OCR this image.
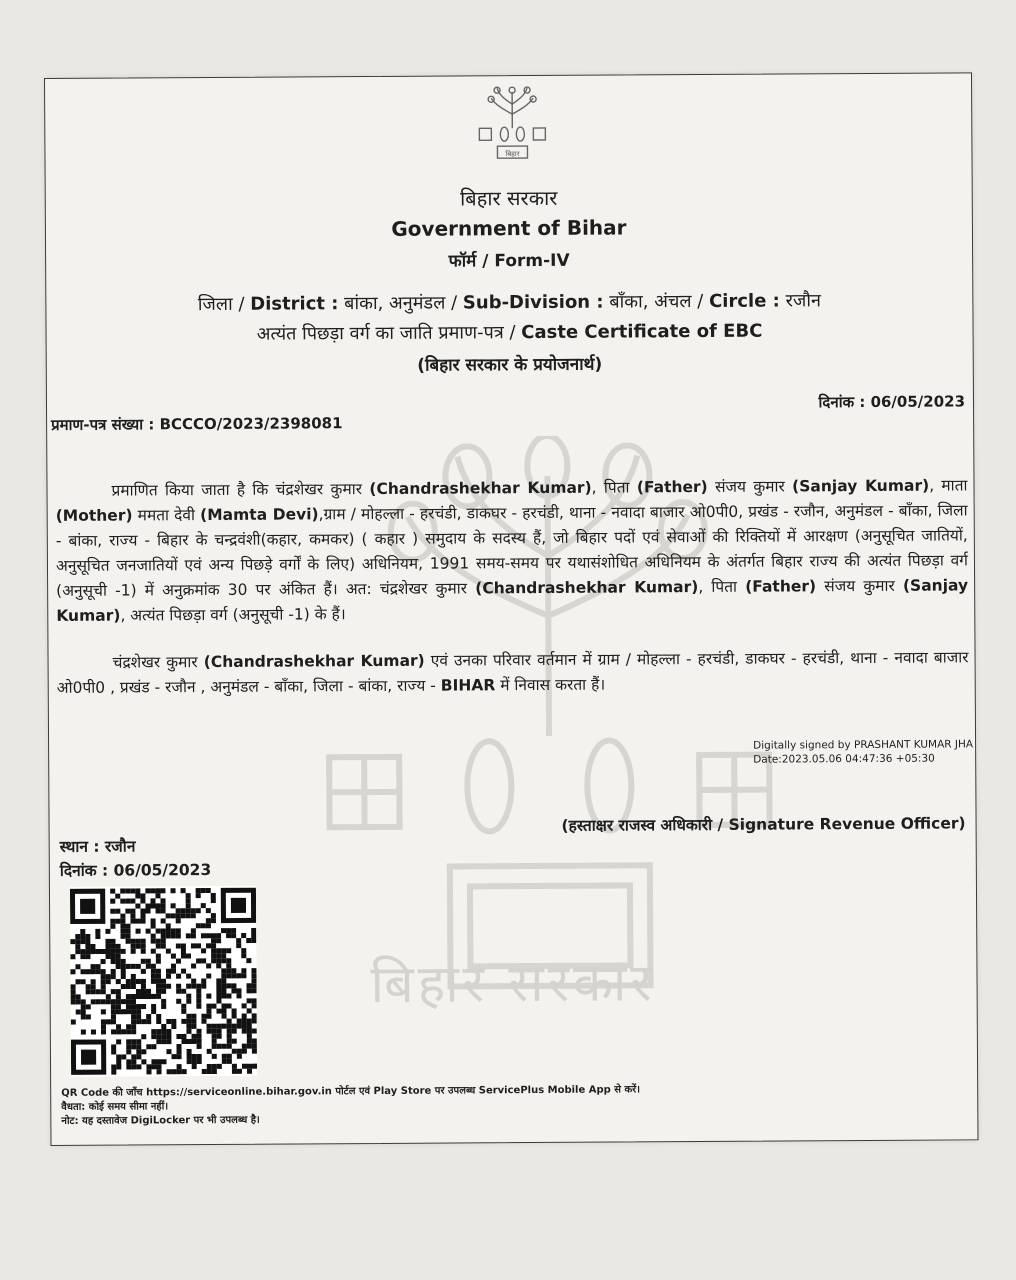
बिहार सरकार
बिहार
बिहार सरकार
Government of Bihar
फॉर्म / Form-IV
जिला / District : बांका, अनुमंडल / Sub-Division : बाँका, अंचल / Circle : रजौन
अत्यंत पिछड़ा वर्ग का जाति प्रमाण-पत्र / Caste Certificate of EBC
(बिहार सरकार के प्रयोजनार्थ)
दिनांक : 06/05/2023
प्रमाण-पत्र संख्या : BCCCO/2023/2398081
प्रमाणित किया जाता है कि चंद्रशेखर कुमार (Chandrashekhar Kumar), पिता (Father) संजय कुमार (Sanjay Kumar), माता (Mother) ममता देवी (Mamta Devi),ग्राम / मोहल्ला - हरचंडी, डाकघर - हरचंडी, थाना - नवादा बाजार ओ0पी0, प्रखंड - रजौन, अनुमंडल - बाँका, जिला - बांका, राज्य - बिहार के चन्द्रवंशी(कहार, कमकर) ( कहार ) समुदाय के सदस्य हैं, जो बिहार पदों एवं सेवाओं की रिक्तियों में आरक्षण (अनुसूचित जातियों, अनुसूचित जनजातियों एवं अन्य पिछड़े वर्गों के लिए) अधिनियम, 1991 समय-समय पर यथासंशोधित अधिनियम के अंतर्गत बिहार राज्य की अत्यंत पिछड़ा वर्ग (अनुसूची -1) में अनुक्रमांक 30 पर अंकित हैं। अत: चंद्रशेखर कुमार (Chandrashekhar Kumar), पिता (Father) संजय कुमार (Sanjay Kumar), अत्यंत पिछड़ा वर्ग (अनुसूची -1) के हैं।
चंद्रशेखर कुमार (Chandrashekhar Kumar) एवं उनका परिवार वर्तमान में ग्राम / मोहल्ला - हरचंडी, डाकघर - हरचंडी, थाना - नवादा बाजार ओ0पी0 , प्रखंड - रजौन , अनुमंडल - बाँका, जिला - बांका, राज्य - BIHAR में निवास करता हैं।
Digitally signed by PRASHANT KUMAR JHA
Date:2023.05.06 04:47:36 +05:30
(हस्ताक्षर राजस्व अधिकारी / Signature Revenue Officer)
स्थान : रजौन
दिनांक : 06/05/2023
QR Code की जाँच https://serviceonline.bihar.gov.in पोर्टल एवं Play Store पर उपलब्ध ServicePlus Mobile App से करें।
वैधता: कोई समय सीमा नहीं।
नोट: यह दस्तावेज DigiLocker पर भी उपलब्ध है।
